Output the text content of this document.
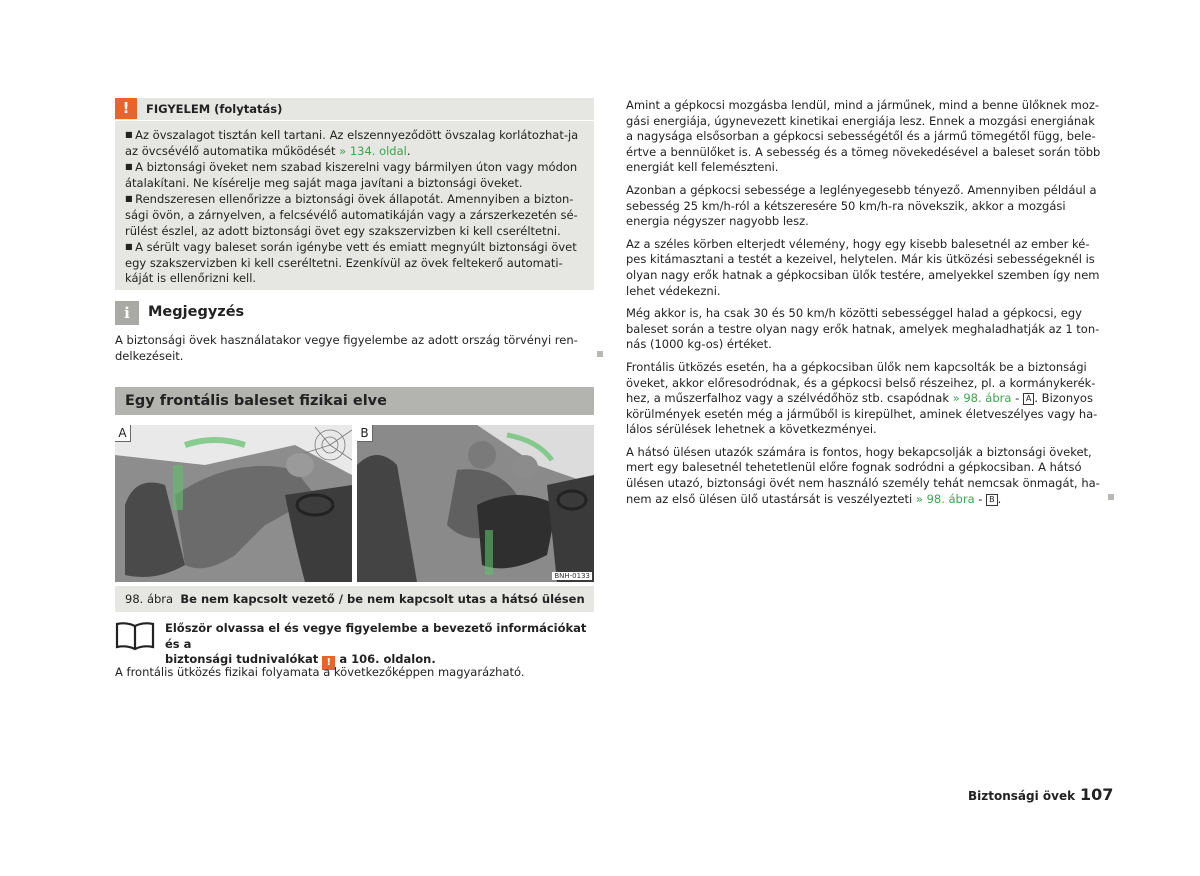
!	FIGYELEM (folytatás)
■ Az övszalagot tisztán kell tartani. Az elszennyeződött övszalag korlátozhat-ja az övcsévélő automatika működését » 134. oldal.
■ A biztonsági öveket nem szabad kiszerelni vagy bármilyen úton vagy módon átalakítani. Ne kísérelje meg saját maga javítani a biztonsági öveket.
■ Rendszeresen ellenőrizze a biztonsági övek állapotát. Amennyiben a bizton-sági övön, a zárnyelven, a felcsévélő automatikáján vagy a zárszerkezetén sé-rülést észlel, az adott biztonsági övet egy szakszervizben ki kell cseréltetni.
■ A sérült vagy baleset során igénybe vett és emiatt megnyúlt biztonsági övet egy szakszervizben ki kell cseréltetni. Ezenkívül az övek feltekerő automati-káját is ellenőrizni kell.
i	Megjegyzés

A biztonsági övek használatakor vegye figyelembe az adott ország törvényi ren-delkezéseit.

Egy frontális baleset fizikai elve
A	B
BNH-0133
98. ábra Be nem kapcsolt vezető / be nem kapcsolt utas a hátsó ülésen

Először olvassa el és vegye figyelembe a bevezető információkat és a
biztonsági tudnivalókat ! a 106. oldalon.

A frontális ütközés fizikai folyamata a következőképpen magyarázható.

Amint a gépkocsi mozgásba lendül, mind a járműnek, mind a benne ülőknek moz-gási energiája, úgynevezett kinetikai energiája lesz. Ennek a mozgási energiának a nagysága elsősorban a gépkocsi sebességétől és a jármű tömegétől függ, bele-értve a bennülőket is. A sebesség és a tömeg növekedésével a baleset során több energiát kell felemészteni.

Azonban a gépkocsi sebessége a leglényegesebb tényező. Amennyiben például a sebesség 25 km/h-ról a kétszeresére 50 km/h-ra növekszik, akkor a mozgási energia négyszer nagyobb lesz.

Az a széles körben elterjedt vélemény, hogy egy kisebb balesetnél az ember ké-pes kitámasztani a testét a kezeivel, helytelen. Már kis ütközési sebességeknél is olyan nagy erők hatnak a gépkocsiban ülők testére, amelyekkel szemben így nem lehet védekezni.

Még akkor is, ha csak 30 és 50 km/h közötti sebességgel halad a gépkocsi, egy baleset során a testre olyan nagy erők hatnak, amelyek meghaladhatják az 1 ton-nás (1000 kg-os) értéket.

Frontális ütközés esetén, ha a gépkocsiban ülők nem kapcsolták be a biztonsági öveket, akkor előresodródnak, és a gépkocsi belső részeihez, pl. a kormánykerék-hez, a műszerfalhoz vagy a szélvédőhöz stb. csapódnak » 98. ábra - A . Bizonyos körülmények esetén még a járműből is kirepülhet, aminek életveszélyes vagy ha-lálos sérülések lehetnek a következményei.

A hátsó ülésen utazók számára is fontos, hogy bekapcsolják a biztonsági öveket, mert egy balesetnél tehetetlenül előre fognak sodródni a gépkocsiban. A hátsó ülésen utazó, biztonsági övét nem használó személy tehát nemcsak önmagát, ha-nem az első ülésen ülő utastársát is veszélyezteti » 98. ábra - B .

Biztonsági övek 107
